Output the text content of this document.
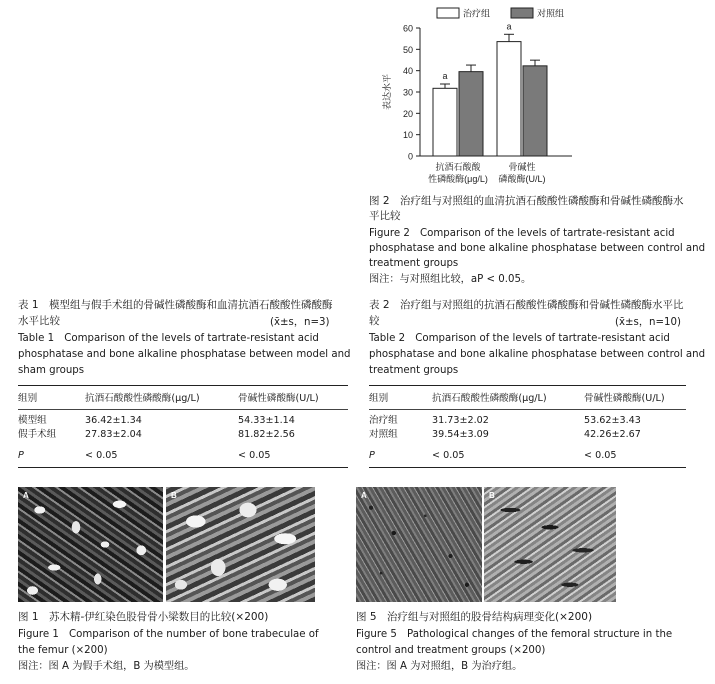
0
10
20
30
40
50
60
表达水平	a
a
抗酒石酸酸
性磷酸酶(μg/L)
骨碱性
磷酸酶(U/L)
治疗组	对照组
图 2　治疗组与对照组的血清抗酒石酸酸性磷酸酶和骨碱性磷酸酶水
平比较
Figure 2　Comparison of the levels of tartrate-resistant acid
phosphatase and bone alkaline phosphatase between control and
treatment groups
图注：与对照组比较，aP < 0.05。
表 1　模型组与假手术组的骨碱性磷酸酶和血清抗酒石酸酸性磷酸酶
水平比较	(x̄±s，n=3)
Table 1　Comparison of the levels of tartrate-resistant acid
phosphatase and bone alkaline phosphatase between model and
sham groups
组别	抗酒石酸酸性磷酸酶(μg/L)	骨碱性磷酸酶(U/L)
模型组	36.42±1.34	54.33±1.14
假手术组	27.83±2.04	81.82±2.56
P	< 0.05	< 0.05
表 2　治疗组与对照组的抗酒石酸酸性磷酸酶和骨碱性磷酸酶水平比
较	(x̄±s，n=10)
Table 2　Comparison of the levels of tartrate-resistant acid
phosphatase and bone alkaline phosphatase between control and
treatment groups
组别	抗酒石酸酸性磷酸酶(μg/L)	骨碱性磷酸酶(U/L)
治疗组	31.73±2.02	53.62±3.43
对照组	39.54±3.09	42.26±2.67
P	< 0.05	< 0.05
A	B
图 1　苏木精-伊红染色股骨骨小梁数目的比较(×200)
Figure 1　Comparison of the number of bone trabeculae of
the femur (×200)
图注：图 A 为假手术组，B 为模型组。
A	B
图 5　治疗组与对照组的股骨结构病理变化(×200)
Figure 5　Pathological changes of the femoral structure in the
control and treatment groups (×200)
图注：图 A 为对照组，B 为治疗组。
